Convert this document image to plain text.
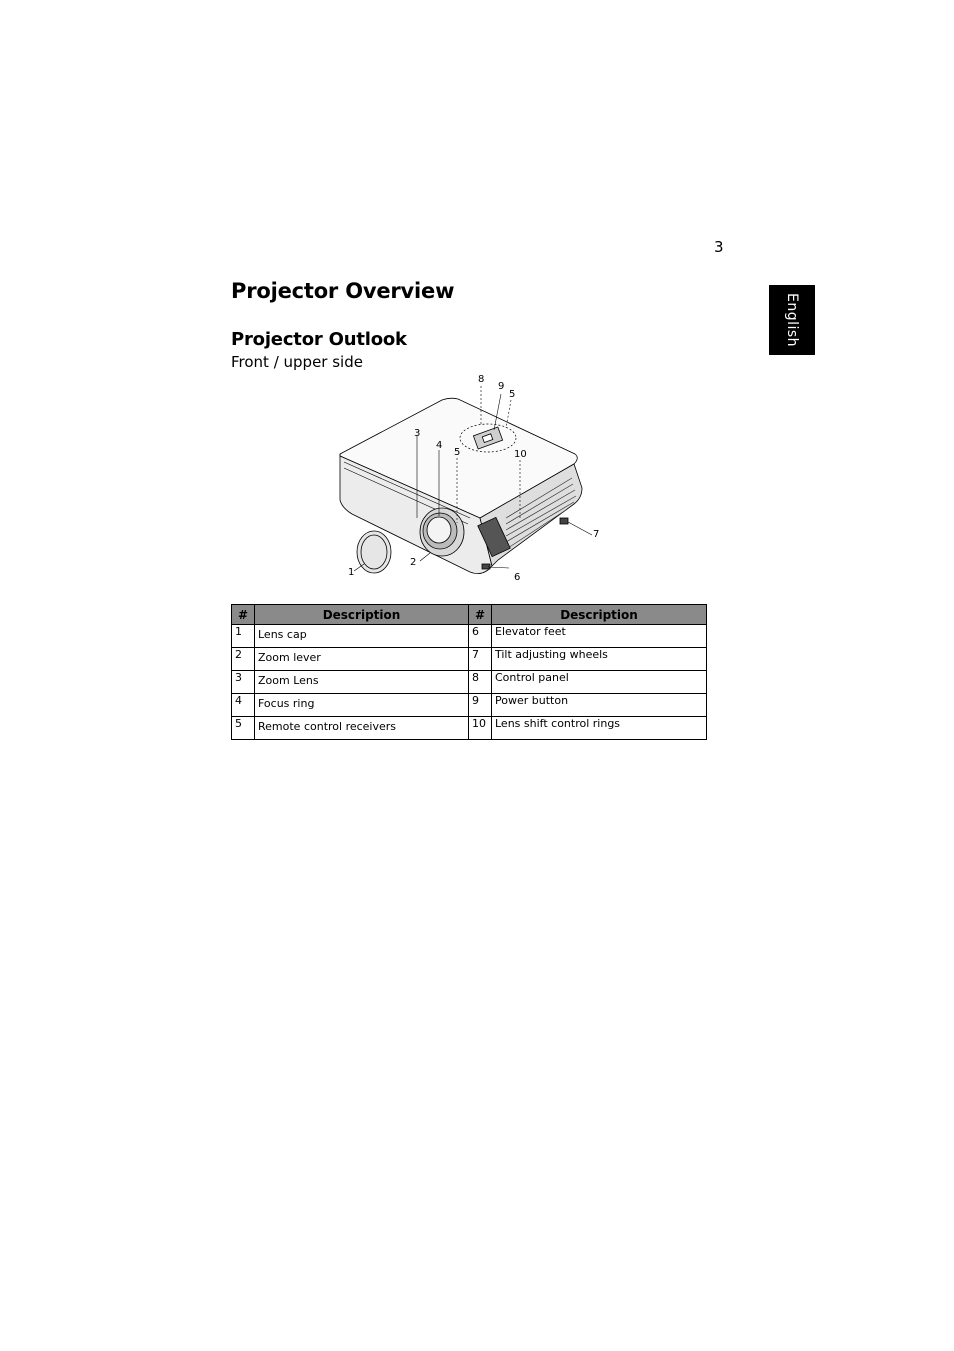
3
English
Projector Overview
Projector Outlook
Front / upper side
1
2
3
4
5
5
6
7
8
9
10
#	Description	#	Description
1	Lens cap	6	Elevator feet
2	Zoom lever	7	Tilt adjusting wheels
3	Zoom Lens	8	Control panel
4	Focus ring	9	Power button
5	Remote control receivers	10	Lens shift control rings
